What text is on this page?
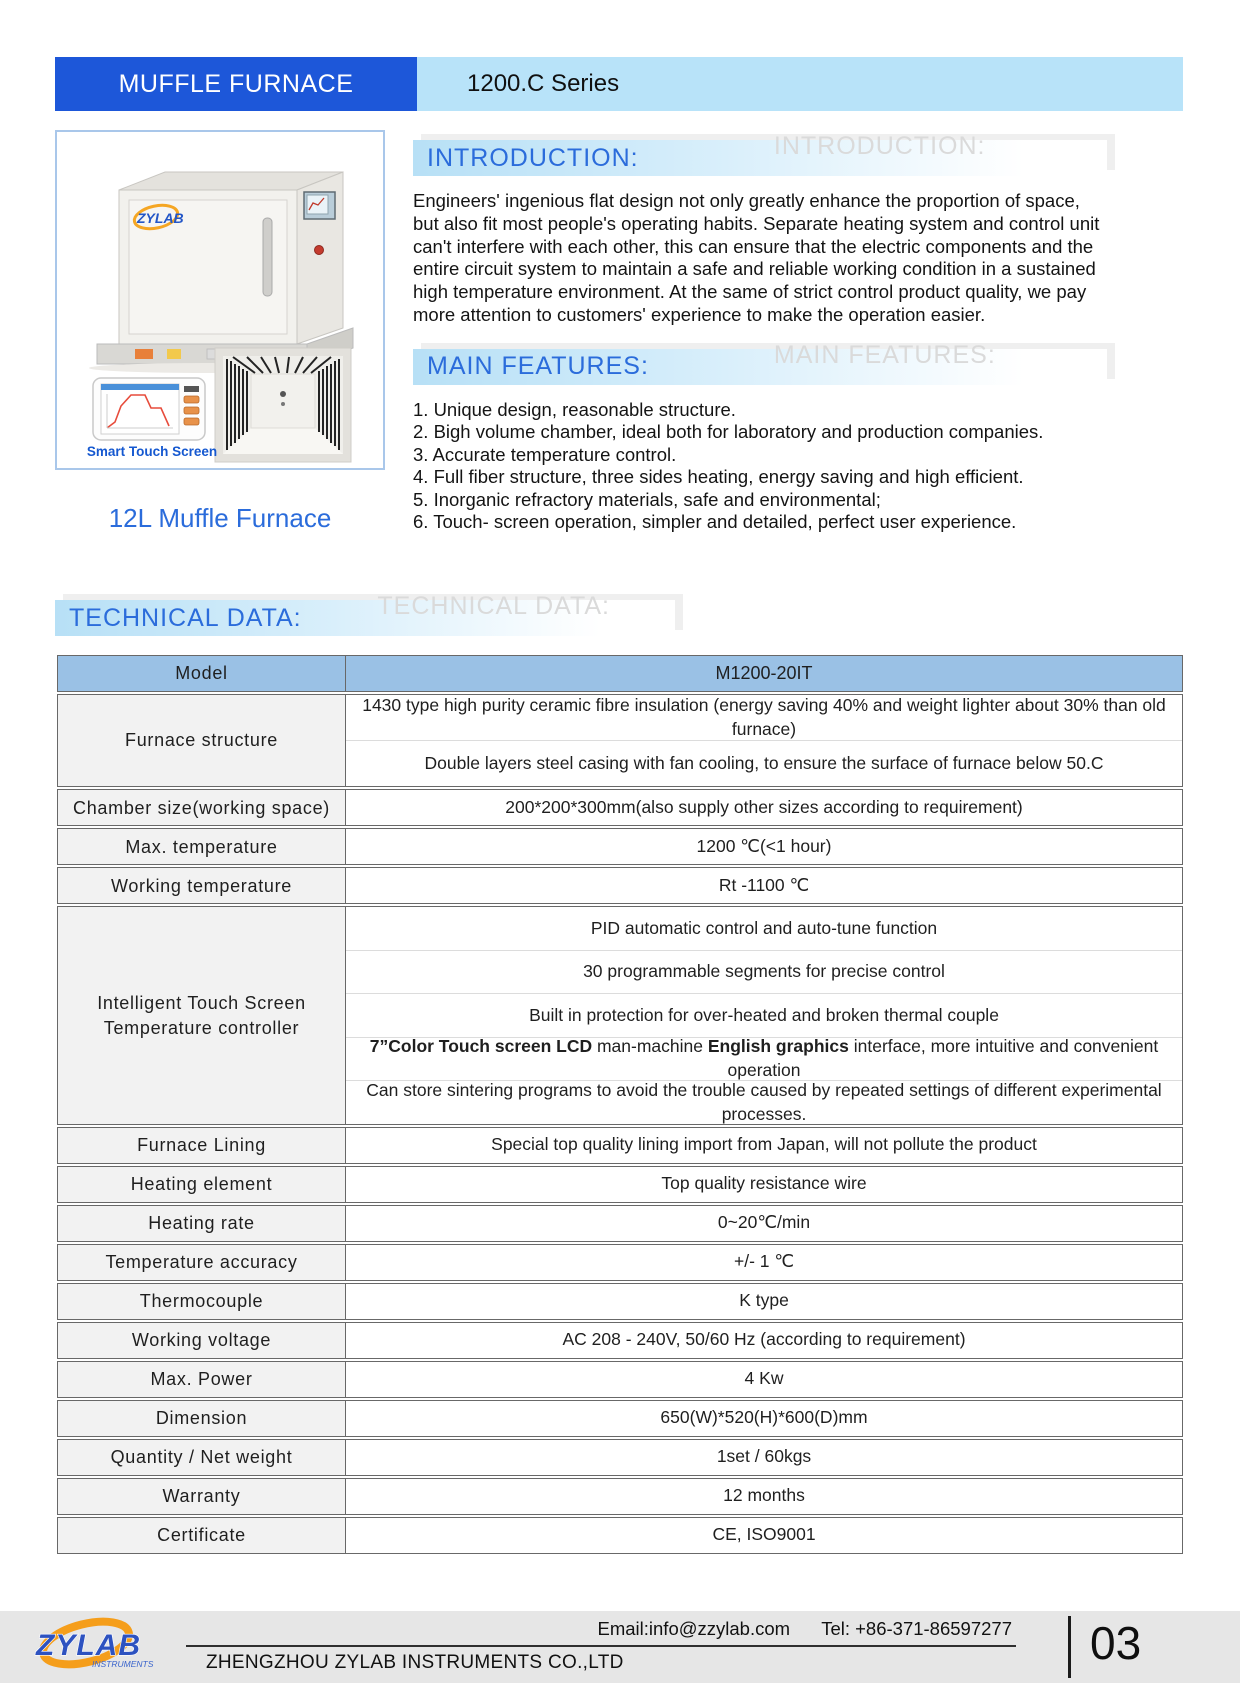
MUFFLE FURNACE	1200.C Series
ZYLAB
Smart Touch Screen
12L Muffle Furnace
INTRODUCTION:
INTRODUCTION:
Engineers' ingenious flat design not only greatly enhance the proportion of space, but also fit most people's operating habits. Separate heating system and control unit can't interfere with each other, this can ensure that the electric components and the entire circuit system to maintain a safe and reliable working condition in a sustained high temperature environment. At the same of strict control product quality, we pay more attention to customers' experience to make the operation easier.
MAIN FEATURES:
MAIN FEATURES:
1. Unique design, reasonable structure.
2. Bigh volume chamber, ideal both for laboratory and production companies.
3. Accurate temperature control.
4. Full fiber structure, three sides heating, energy saving and high efficient.
5. Inorganic refractory materials, safe and environmental;
6. Touch- screen operation, simpler and detailed, perfect user experience.
TECHNICAL DATA:
TECHNICAL DATA:
Model	M1200-20IT
Furnace structure
1430 type high purity ceramic fibre insulation (energy saving 40% and weight lighter about 30% than old furnace)
Double layers steel casing with fan cooling, to ensure the surface of furnace below 50.C
Chamber size(working space)	200*200*300mm(also supply other sizes according to requirement)
Max. temperature	1200 ℃(<1 hour)
Working temperature	Rt -1100 ℃
Intelligent Touch Screen Temperature controller
PID automatic control and auto-tune function
30 programmable segments for precise control
Built in protection for over-heated and broken thermal couple
7”Color Touch screen LCD man-machine English graphics interface, more intuitive and convenient operation
Can store sintering programs to avoid the trouble caused by repeated settings of different experimental processes.
Furnace Lining	Special top quality lining import from Japan, will not pollute the product
Heating element	Top quality resistance wire
Heating rate	0~20℃/min
Temperature accuracy	+/- 1 ℃
Thermocouple	K type
Working voltage	AC 208 - 240V, 50/60 Hz (according to requirement)
Max. Power	4 Kw
Dimension	650(W)*520(H)*600(D)mm
Quantity / Net weight	1set / 60kgs
Warranty	12 months
Certificate	CE, ISO9001
ZYLAB
INSTRUMENTS	ZHENGZHOU ZYLAB INSTRUMENTS CO.,LTD
Email:info@zzylab.com Tel: +86-371-86597277 03
